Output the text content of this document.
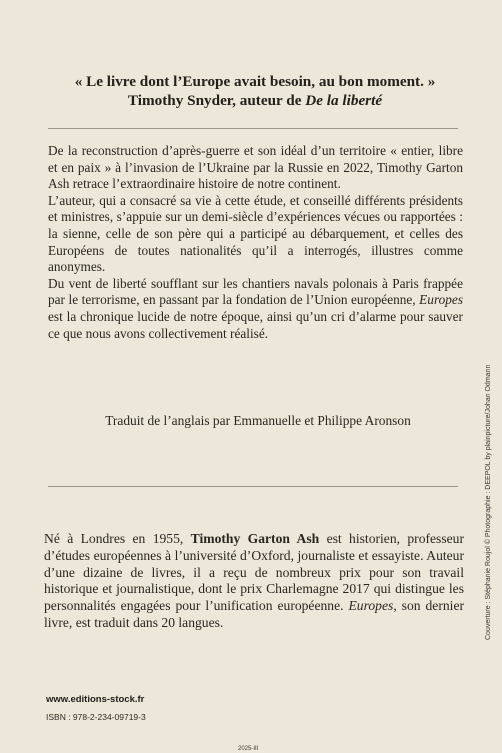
« Le livre dont l’Europe avait besoin, au bon moment. »
Timothy Snyder, auteur de De la liberté

De la reconstruction d’après-guerre et son idéal d’un territoire « entier, libre et en paix » à l’invasion de l’Ukraine par la Russie en 2022, Timothy Garton Ash retrace l’extraordinaire histoire de notre continent.

L’auteur, qui a consacré sa vie à cette étude, et conseillé différents présidents et ministres, s’appuie sur un demi-siècle d’expériences vécues ou rapportées : la sienne, celle de son père qui a participé au débarquement, et celles des Européens de toutes nationalités qu’il a interrogés, illustres comme anonymes.

Du vent de liberté soufflant sur les chantiers navals polonais à Paris frappée par le terrorisme, en passant par la fondation de l’Union européenne, Europes est la chronique lucide de notre époque, ainsi qu’un cri d’alarme pour sauver ce que nous avons collectivement réalisé.

Traduit de l’anglais par Emmanuelle et Philippe Aronson
Né à Londres en 1955, Timothy Garton Ash est historien, professeur d’études européennes à l’université d’Oxford, journaliste et essayiste. Auteur d’une dizaine de livres, il a reçu de nombreux prix pour son travail historique et journalistique, dont le prix Charlemagne 2017 qui distingue les personnalités engagées pour l’unification européenne. Europes, son dernier livre, est traduit dans 20 langues.
www.editions-stock.fr
ISBN : 978-2-234-09719-3
2025-III
Couverture : Stéphanie Roujol © Photographie : DEEPOL by plainpicture/Johan Odmann
